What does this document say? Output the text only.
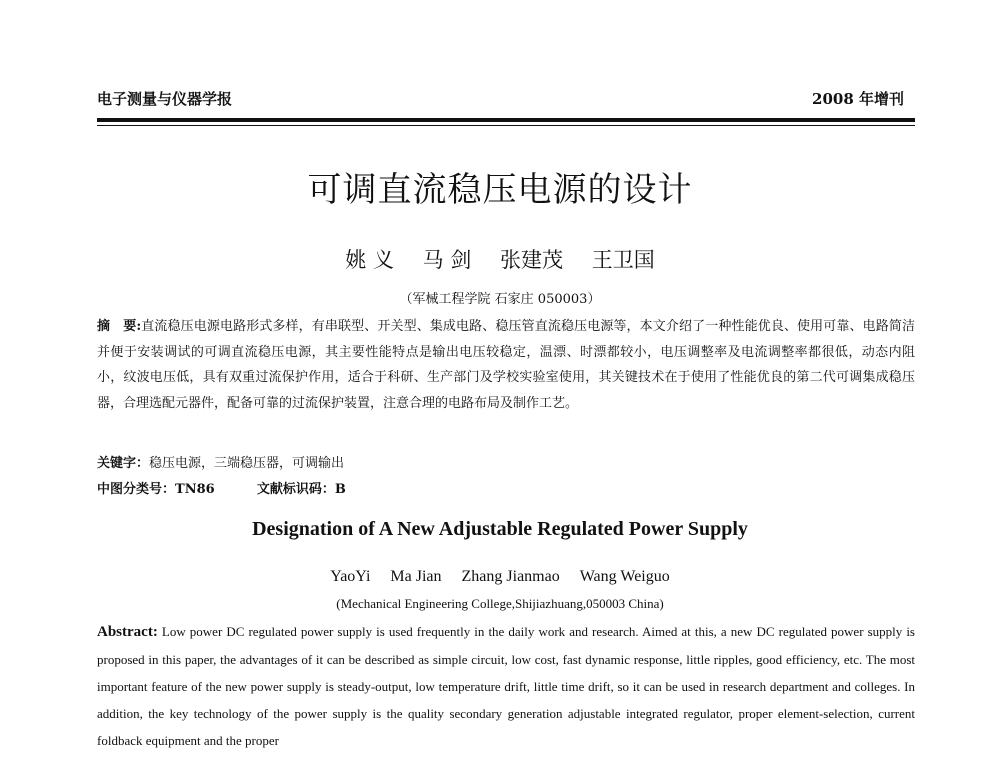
电子测量与仪器学报	2008 年增刊
可调直流稳压电源的设计
姚 义 马 剑 张建茂 王卫国
（军械工程学院 石家庄 050003）
摘　要:直流稳压电源电路形式多样，有串联型、开关型、集成电路、稳压管直流稳压电源等，本文介绍了一种性能优良、使用可靠、电路简洁并便于安装调试的可调直流稳压电源，其主要性能特点是输出电压较稳定，温漂、时漂都较小，电压调整率及电流调整率都很低，动态内阻小，纹波电压低，具有双重过流保护作用，适合于科研、生产部门及学校实验室使用，其关键技术在于使用了性能优良的第二代可调集成稳压器，合理选配元器件，配备可靠的过流保护装置，注意合理的电路布局及制作工艺。
关键字：稳压电源，三端稳压器，可调输出
中图分类号：TN86	文献标识码：B
Designation of A New Adjustable Regulated Power Supply
YaoYi Ma Jian Zhang Jianmao Wang Weiguo
(Mechanical Engineering College,Shijiazhuang,050003 China)
Abstract: Low power DC regulated power supply is used frequently in the daily work and research. Aimed at this, a new DC regulated power supply is proposed in this paper, the advantages of it can be described as simple circuit, low cost, fast dynamic response, little ripples, good efficiency, etc. The most important feature of the new power supply is steady-output, low temperature drift, little time drift, so it can be used in research department and colleges. In addition, the key technology of the power supply is the quality secondary generation adjustable integrated regulator, proper element-selection, current foldback equipment and the proper
